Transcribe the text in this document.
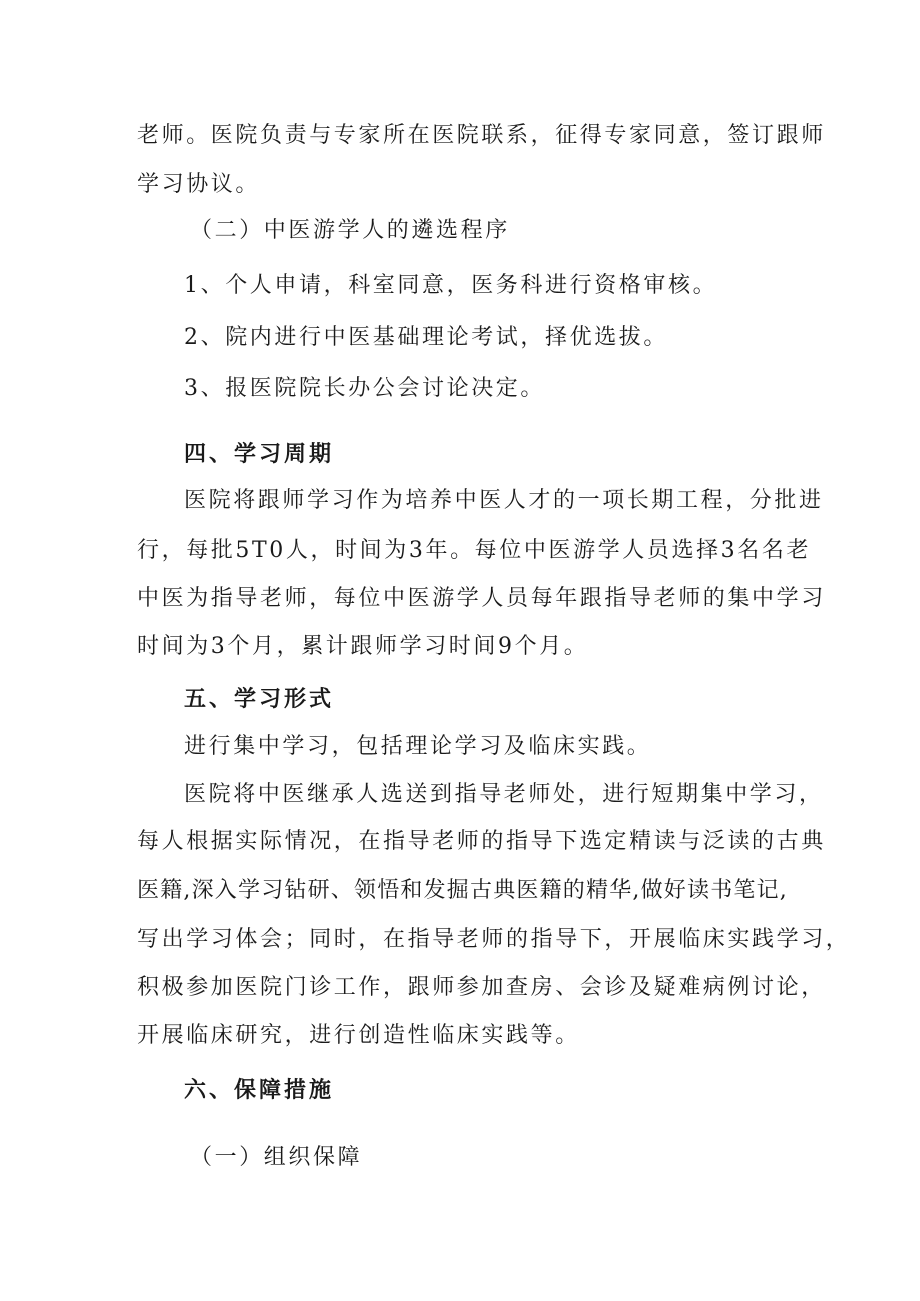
老师。医院负责与专家所在医院联系，征得专家同意，签订跟师
学习协议。
（二）中医游学人的遴选程序
1、个人申请，科室同意，医务科进行资格审核。
2、院内进行中医基础理论考试，择优选拔。
3、报医院院长办公会讨论决定。
四、学习周期
医院将跟师学习作为培养中医人才的一项长期工程，分批进
行，每批5T0人，时间为3年。每位中医游学人员选择3名名老
中医为指导老师，每位中医游学人员每年跟指导老师的集中学习
时间为3个月，累计跟师学习时间9个月。
五、学习形式
进行集中学习，包括理论学习及临床实践。
医院将中医继承人选送到指导老师处，进行短期集中学习，
每人根据实际情况，在指导老师的指导下选定精读与泛读的古典
医籍,深入学习钻研、领悟和发掘古典医籍的精华,做好读书笔记,
写出学习体会；同时，在指导老师的指导下，开展临床实践学习，
积极参加医院门诊工作，跟师参加查房、会诊及疑难病例讨论，
开展临床研究，进行创造性临床实践等。
六、保障措施
（一）组织保障
